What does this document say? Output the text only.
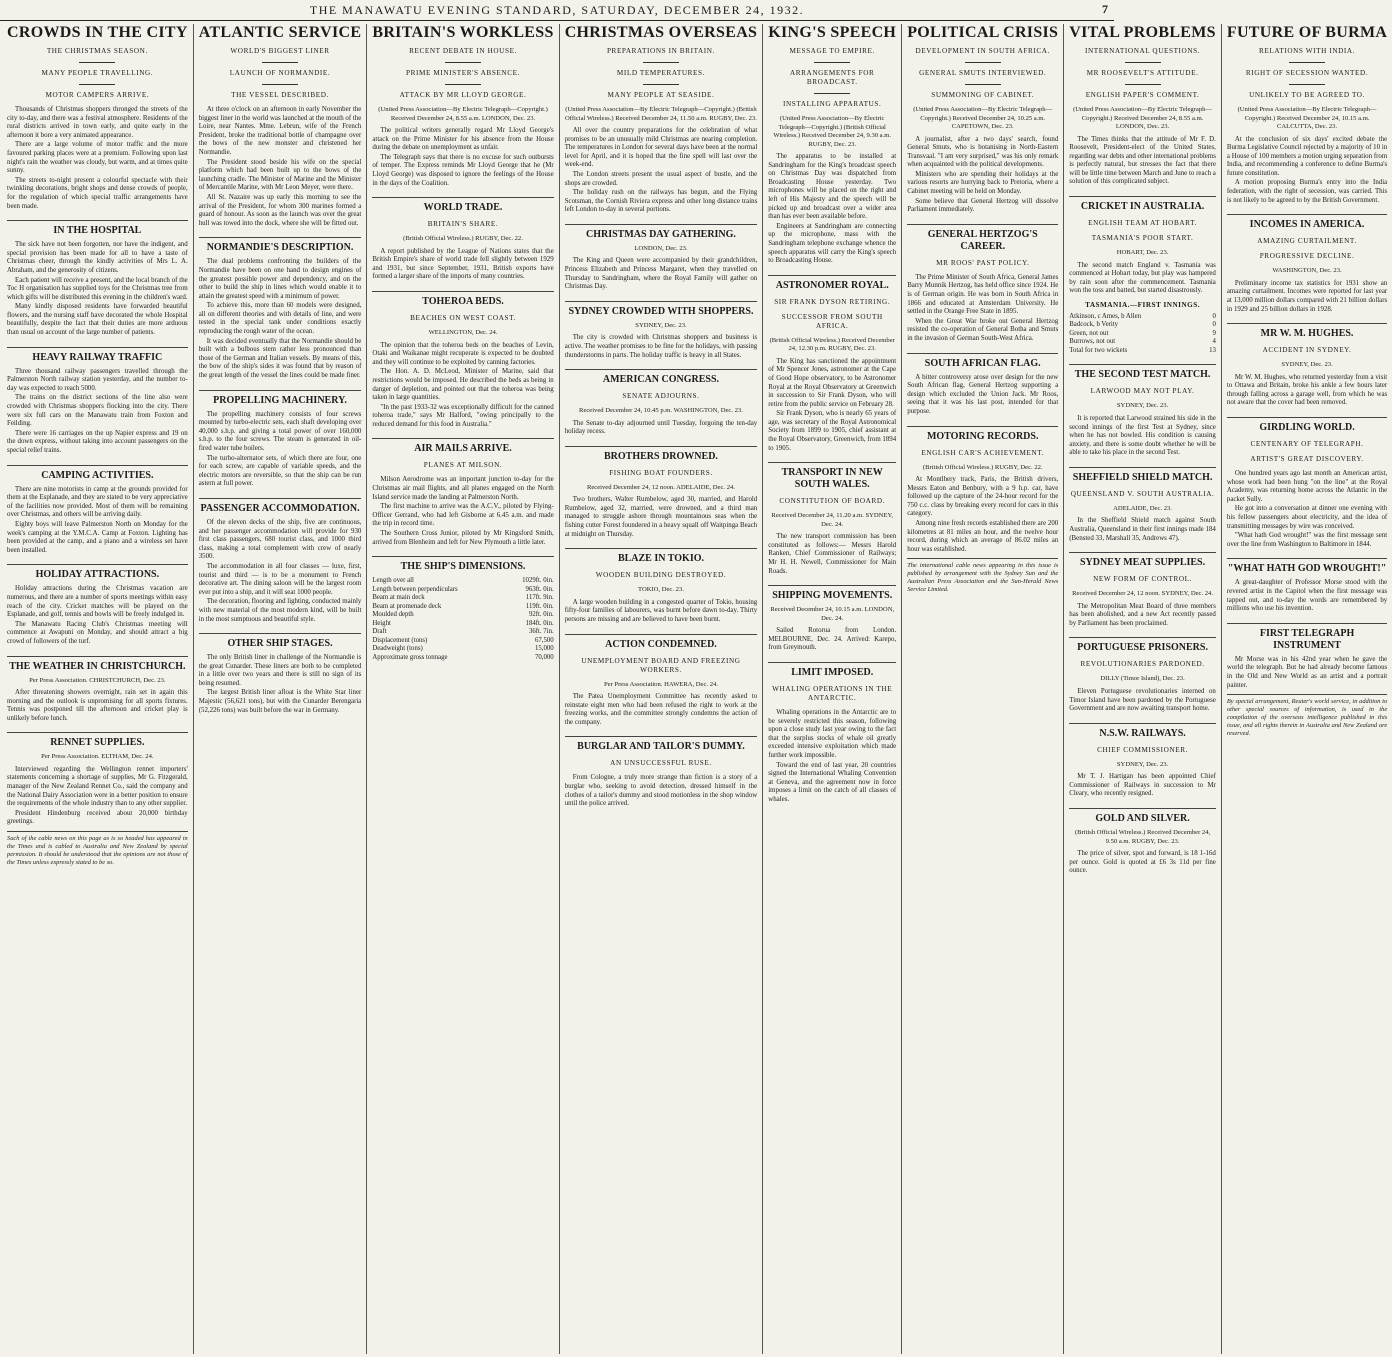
THE MANAWATU EVENING STANDARD, SATURDAY, DECEMBER 24, 1932.	7
CROWDS IN THE CITY
THE CHRISTMAS SEASON.
MANY PEOPLE TRAVELLING.
MOTOR CAMPERS ARRIVE.

Thousands of Christmas shoppers thronged the streets of the city to-day, and there was a festival atmosphere. Residents of the rural districts arrived in town early, and quite early in the afternoon it bore a very animated appearance.

There are a large volume of motor traffic and the more favoured parking places were at a premium. Following upon last night's rain the weather was cloudy, but warm, and at times quite sunny.

The streets to-night present a colourful spectacle with their twinkling decorations, bright shops and dense crowds of people, for the regulation of which special traffic arrangements have been made.

IN THE HOSPITAL

The sick have not been forgotten, nor have the indigent, and special provision has been made for all to have a taste of Christmas cheer, through the kindly activities of Mrs L. A. Abraham, and the generosity of citizens.

Each patient will receive a present, and the local branch of the Toc H organisation has supplied toys for the Christmas tree from which gifts will be distributed this evening in the children's ward.

Many kindly disposed residents have forwarded beautiful flowers, and the nursing staff have decorated the whole Hospital beautifully, despite the fact that their duties are more arduous than usual on account of the large number of patients.

HEAVY RAILWAY TRAFFIC

Three thousand railway passengers travelled through the Palmerston North railway station yesterday, and the number to-day was expected to reach 5000.

The trains on the district sections of the line also were crowded with Christmas shoppers flocking into the city. There were six full cars on the Manawatu train from Foxton and Feilding.

There were 16 carriages on the up Napier express and 19 on the down express, without taking into account passengers on the special relief trains.

CAMPING ACTIVITIES.

There are nine motorists in camp at the grounds provided for them at the Esplanade, and they are stated to be very appreciative of the facilities now provided. Most of them will be remaining over Christmas, and others will be arriving daily.

Eighty boys will leave Palmerston North on Monday for the week's camping at the Y.M.C.A. Camp at Foxton. Lighting has been provided at the camp, and a piano and a wireless set have been installed.

HOLIDAY ATTRACTIONS.

Holiday attractions during the Christmas vacation are numerous, and there are a number of sports meetings within easy reach of the city. Cricket matches will be played on the Esplanade, and golf, tennis and bowls will be freely indulged in.

The Manawatu Racing Club's Christmas meeting will commence at Awapuni on Monday, and should attract a big crowd of followers of the turf.

THE WEATHER IN CHRISTCHURCH.
Per Press Association. CHRISTCHURCH, Dec. 23.

After threatening showers overnight, rain set in again this morning and the outlook is unpromising for all sports fixtures. Tennis was postponed till the afternoon and cricket play is unlikely before lunch.

RENNET SUPPLIES.
Per Press Association. ELTHAM, Dec. 24.

Interviewed regarding the Wellington rennet importers' statements concerning a shortage of supplies, Mr G. Fitzgerald, manager of the New Zealand Rennet Co., said the company and the National Dairy Association were in a better position to ensure the requirements of the whole industry than to any other supplier.

President Hindenburg received about 20,000 birthday greetings.

Such of the cable news on this page as is so headed has appeared in the Times and is cabled to Australia and New Zealand by special permission. It should be understood that the opinions are not those of the Times unless expressly stated to be so.
ATLANTIC SERVICE
WORLD'S BIGGEST LINER
LAUNCH OF NORMANDIE.
THE VESSEL DESCRIBED.

At three o'clock on an afternoon in early November the biggest liner in the world was launched at the mouth of the Loire, near Nantes. Mme. Lebrun, wife of the French President, broke the traditional bottle of champagne over the bows of the new monster and christened her Normandie.

The President stood beside his wife on the special platform which had been built up to the bows of the launching cradle. The Minister of Marine and the Minister of Mercantile Marine, with Mr Leon Meyer, were there.

All St. Nazaire was up early this morning to see the arrival of the President, for whom 300 marines formed a guard of honour. As soon as the launch was over the great hull was towed into the dock, where she will be fitted out.

NORMANDIE'S DESCRIPTION.

The dual problems confronting the builders of the Normandie have been on one hand to design engines of the greatest possible power and dependency, and on the other to build the ship in lines which would enable it to attain the greatest speed with a minimum of power.

To achieve this, more than 60 models were designed, all on different theories and with details of line, and were tested in the special tank under conditions exactly reproducing the rough water of the ocean.

It was decided eventually that the Normandie should be built with a bulbous stem rather less pronounced than those of the German and Italian vessels. By means of this, the bow of the ship's sides it was found that by reason of the great length of the vessel the lines could be made finer.

PROPELLING MACHINERY.

The propelling machinery consists of four screws mounted by turbo-electric sets, each shaft developing over 40,000 s.h.p. and giving a total power of over 160,000 s.h.p. to the four screws. The steam is generated in oil-fired water tube boilers.

The turbo-alternator sets, of which there are four, one for each screw, are capable of variable speeds, and the electric motors are reversible, so that the ship can be run astern at full power.

PASSENGER ACCOMMODATION.

Of the eleven decks of the ship, five are continuous, and her passenger accommodation will provide for 930 first class passengers, 680 tourist class, and 1000 third class, making a total complement with crew of nearly 3500.

The accommodation in all four classes — luxe, first, tourist and third — is to be a monument to French decorative art. The dining saloon will be the largest room ever put into a ship, and it will seat 1000 people.

The decoration, flooring and lighting, conducted mainly with new material of the most modern kind, will be built in the most sumptuous and beautiful style.

OTHER SHIP STAGES.

The only British liner in challenge of the Normandie is the great Cunarder. These liners are both to be completed in a little over two years and there is still no sign of its being resumed.

The largest British liner afloat is the White Star liner Majestic (56,621 tons), but with the Cunarder Berengaria (52,226 tons) was built before the war in Germany.

BRITAIN'S WORKLESS
RECENT DEBATE IN HOUSE.
PRIME MINISTER'S ABSENCE.
ATTACK BY MR LLOYD GEORGE.
(United Press Association—By Electric Telegraph—Copyright.) Received December 24, 8.55 a.m. LONDON, Dec. 23.

The political writers generally regard Mr Lloyd George's attack on the Prime Minister for his absence from the House during the debate on unemployment as unfair.

The Telegraph says that there is no excuse for such outbursts of temper. The Express reminds Mr Lloyd George that he (Mr Lloyd George) was disposed to ignore the feelings of the House in the days of the Coalition.

WORLD TRADE.
BRITAIN'S SHARE.
(British Official Wireless.) RUGBY, Dec. 22.

A report published by the League of Nations states that the British Empire's share of world trade fell slightly between 1929 and 1931, but since September, 1931, British exports have formed a larger share of the imports of many countries.

TOHEROA BEDS.
BEACHES ON WEST COAST.
WELLINGTON, Dec. 24.

The opinion that the toheroa beds on the beaches of Levin, Otaki and Waikanae might recuperate is expected to be doubted and they will continue to be exploited by canning factories.

The Hon. A. D. McLeod, Minister of Marine, said that restrictions would be imposed. He described the beds as being in danger of depletion, and pointed out that the toheroa was being taken in large quantities.

"In the past 1933-32 was exceptionally difficult for the canned toheroa trade," says Mr Halford, "owing principally to the reduced demand for this food in Australia."

AIR MAILS ARRIVE.
PLANES AT MILSON.

Milson Aerodrome was an important junction to-day for the Christmas air mail flights, and all planes engaged on the North Island service made the landing at Palmerston North.

The first machine to arrive was the A.C.V., piloted by Flying-Officer Gerrand, who had left Gisborne at 6.45 a.m. and made the trip in record time.

The Southern Cross Junior, piloted by Mr Kingsford Smith, arrived from Blenheim and left for New Plymouth a little later.

THE SHIP'S DIMENSIONS.
Length over all	1029ft. 0in.
Length between perpendiculars	963ft. 0in.
Beam at main deck	117ft. 9in.
Beam at promenade deck	119ft. 0in.
Moulded depth	92ft. 0in.
Height	184ft. 0in.
Draft	36ft. 7in.
Displacement (tons)	67,500
Deadweight (tons)	15,000
Approximate gross tonnage	70,000
CHRISTMAS OVERSEAS
PREPARATIONS IN BRITAIN.
MILD TEMPERATURES.
MANY PEOPLE AT SEASIDE.
(United Press Association—By Electric Telegraph—Copyright.) (British Official Wireless.) Received December 24, 11.50 a.m. RUGBY, Dec. 23.

All over the country preparations for the celebration of what promises to be an unusually mild Christmas are nearing completion. The temperatures in London for several days have been at the normal level for April, and it is hoped that the fine spell will last over the week-end.

The London streets present the usual aspect of bustle, and the shops are crowded.

The holiday rush on the railways has begun, and the Flying Scotsman, the Cornish Riviera express and other long distance trains left London to-day in several portions.

CHRISTMAS DAY GATHERING.
LONDON, Dec. 23.

The King and Queen were accompanied by their grandchildren, Princess Elizabeth and Princess Margaret, when they travelled on Thursday to Sandringham, where the Royal Family will gather on Christmas Day.

SYDNEY CROWDED WITH SHOPPERS.
SYDNEY, Dec. 23.

The city is crowded with Christmas shoppers and business is active. The weather promises to be fine for the holidays, with passing thunderstorms in parts. The holiday traffic is heavy in all States.

AMERICAN CONGRESS.
SENATE ADJOURNS.
Received December 24, 10.45 p.m. WASHINGTON, Dec. 23.

The Senate to-day adjourned until Tuesday, forgoing the ten-day holiday recess.

BROTHERS DROWNED.
FISHING BOAT FOUNDERS.
Received December 24, 12 noon. ADELAIDE, Dec. 24.

Two brothers, Walter Rumbelow, aged 30, married, and Harold Rumbelow, aged 32, married, were drowned, and a third man managed to struggle ashore through mountainous seas when the fishing cutter Forest foundered in a heavy squall off Waitpinga Beach at midnight on Thursday.

BLAZE IN TOKIO.
WOODEN BUILDING DESTROYED.
TOKIO, Dec. 23.

A large wooden building in a congested quarter of Tokio, housing fifty-four families of labourers, was burnt before dawn to-day. Thirty persons are missing and are believed to have been burnt.

ACTION CONDEMNED.
UNEMPLOYMENT BOARD AND FREEZING WORKERS.
Per Press Association. HAWERA, Dec. 24.

The Patea Unemployment Committee has recently asked to reinstate eight men who had been refused the right to work at the freezing works, and the committee strongly condemns the action of the company.

BURGLAR AND TAILOR'S DUMMY.
AN UNSUCCESSFUL RUSE.

From Cologne, a truly more strange than fiction is a story of a burglar who, seeking to avoid detection, dressed himself in the clothes of a tailor's dummy and stood motionless in the shop window until the police arrived.

KING'S SPEECH
MESSAGE TO EMPIRE.
ARRANGEMENTS FOR BROADCAST.
INSTALLING APPARATUS.
(United Press Association—By Electric Telegraph—Copyright.) (British Official Wireless.) Received December 24, 9.30 a.m. RUGBY, Dec. 23.

The apparatus to be installed at Sandringham for the King's broadcast speech on Christmas Day was dispatched from Broadcasting House yesterday. Two microphones will be placed on the right and left of His Majesty and the speech will be picked up and broadcast over a wider area than has ever been available before.

Engineers at Sandringham are connecting up the microphone, mass with the Sandringham telephone exchange whence the speech apparatus will carry the King's speech to Broadcasting House.

ASTRONOMER ROYAL.
SIR FRANK DYSON RETIRING.
SUCCESSOR FROM SOUTH AFRICA.
(British Official Wireless.) Received December 24, 12.30 p.m. RUGBY, Dec. 23.

The King has sanctioned the appointment of Mr Spencer Jones, astronomer at the Cape of Good Hope observatory, to be Astronomer Royal at the Royal Observatory at Greenwich in succession to Sir Frank Dyson, who will retire from the public service on February 28.

Sir Frank Dyson, who is nearly 65 years of age, was secretary of the Royal Astronomical Society from 1899 to 1905, chief assistant at the Royal Observatory, Greenwich, from 1894 to 1905.

TRANSPORT IN NEW SOUTH WALES.
CONSTITUTION OF BOARD.
Received December 24, 11.20 a.m. SYDNEY, Dec. 24.

The new transport commission has been constituted as follows:— Messrs Harold Ranken, Chief Commissioner of Railways; Mr H. H. Newell, Commissioner for Main Roads.

SHIPPING MOVEMENTS.
Received December 24, 10.15 a.m. LONDON, Dec. 24.

Sailed Rotorua from London. MELBOURNE, Dec. 24. Arrived: Karepo, from Greymouth.

LIMIT IMPOSED.
WHALING OPERATIONS IN THE ANTARCTIC.

Whaling operations in the Antarctic are to be severely restricted this season, following upon a close study last year owing to the fact that the surplus stocks of whale oil greatly exceeded intensive exploitation which made further work impossible.

Toward the end of last year, 20 countries signed the International Whaling Convention at Geneva, and the agreement now in force imposes a limit on the catch of all classes of whales.

POLITICAL CRISIS
DEVELOPMENT IN SOUTH AFRICA.
GENERAL SMUTS INTERVIEWED.
SUMMONING OF CABINET.
(United Press Association—By Electric Telegraph—Copyright.) Received December 24, 10.25 a.m. CAPETOWN, Dec. 23.

A journalist, after a two days' search, found General Smuts, who is botanising in North-Eastern Transvaal. "I am very surprised," was his only remark when acquainted with the political developments.

Ministers who are spending their holidays at the various resorts are hurrying back to Pretoria, where a Cabinet meeting will be held on Monday.

Some believe that General Hertzog will dissolve Parliament immediately.

GENERAL HERTZOG'S CAREER.
MR ROOS' PAST POLICY.

The Prime Minister of South Africa, General James Barry Munnik Hertzog, has held office since 1924. He is of German origin. He was born in South Africa in 1866 and educated at Amsterdam University. He settled in the Orange Free State in 1895.

When the Great War broke out General Hertzog resisted the co-operation of General Botha and Smuts in the invasion of German South-West Africa.

SOUTH AFRICAN FLAG.

A bitter controversy arose over design for the new South African flag, General Hertzog supporting a design which excluded the Union Jack. Mr Roos, seeing that it was his last post, intended for that purpose.

MOTORING RECORDS.
ENGLISH CAR'S ACHIEVEMENT.
(British Official Wireless.) RUGBY, Dec. 22.

At Montlhery track, Paris, the British drivers, Messrs Eaton and Benbury, with a 9 h.p. car, have followed up the capture of the 24-hour record for the 750 c.c. class by breaking every record for cars in this category.

Among nine fresh records established there are 200 kilometres at 81 miles an hour, and the twelve hour record, during which an average of 86.02 miles an hour was established.

The international cable news appearing in this issue is published by arrangement with the Sydney Sun and the Australian Press Association and the Sun-Herald News Service Limited.
VITAL PROBLEMS
INTERNATIONAL QUESTIONS.
MR ROOSEVELT'S ATTITUDE.
ENGLISH PAPER'S COMMENT.
(United Press Association—By Electric Telegraph—Copyright.) Received December 24, 8.55 a.m. LONDON, Dec. 23.

The Times thinks that the attitude of Mr F. D. Roosevelt, President-elect of the United States, regarding war debts and other international problems is perfectly natural, but stresses the fact that there will be little time between March and June to reach a solution of this complicated subject.

CRICKET IN AUSTRALIA.
ENGLISH TEAM AT HOBART.
TASMANIA'S POOR START.
HOBART, Dec. 23.

The second match England v. Tasmania was commenced at Hobart today, but play was hampered by rain soon after the commencement. Tasmania won the toss and batted, but started disastrously.

TASMANIA.—FIRST INNINGS.
Atkinson, c Ames, b Allen	0
Badcock, b Verity	0
Green, not out	9
Burrows, not out	4
Total for two wickets	13
THE SECOND TEST MATCH.
LARWOOD MAY NOT PLAY.
SYDNEY, Dec. 23.

It is reported that Larwood strained his side in the second innings of the first Test at Sydney, since when he has not bowled. His condition is causing anxiety, and there is some doubt whether he will be able to take his place in the second Test.

SHEFFIELD SHIELD MATCH.
QUEENSLAND V. SOUTH AUSTRALIA.
ADELAIDE, Dec. 23.

In the Sheffield Shield match against South Australia, Queensland in their first innings made 184 (Bensted 33, Marshall 35, Andrews 47).

SYDNEY MEAT SUPPLIES.
NEW FORM OF CONTROL.
Received December 24, 12 noon. SYDNEY, Dec. 24.

The Metropolitan Meat Board of three members has been abolished, and a new Act recently passed by Parliament has been proclaimed.

PORTUGUESE PRISONERS.
REVOLUTIONARIES PARDONED.
DILLY (Timor Island), Dec. 23.

Eleven Portuguese revolutionaries interned on Timor Island have been pardoned by the Portuguese Government and are now awaiting transport home.

N.S.W. RAILWAYS.
CHIEF COMMISSIONER.
SYDNEY, Dec. 23.

Mr T. J. Hartigan has been appointed Chief Commissioner of Railways in succession to Mr Cleary, who recently resigned.

GOLD AND SILVER.
(British Official Wireless.) Received December 24, 9.50 a.m. RUGBY, Dec. 23.

The price of silver, spot and forward, is 18 1-16d per ounce. Gold is quoted at £6 3s 11d per fine ounce.

FUTURE OF BURMA
RELATIONS WITH INDIA.
RIGHT OF SECESSION WANTED.
UNLIKELY TO BE AGREED TO.
(United Press Association—By Electric Telegraph—Copyright.) Received December 24, 10.15 a.m. CALCUTTA, Dec. 23.

At the conclusion of six days' excited debate the Burma Legislative Council rejected by a majority of 10 in a House of 100 members a motion urging separation from India, and recommending a conference to define Burma's future constitution.

A motion proposing Burma's entry into the India federation, with the right of secession, was carried. This is not likely to be agreed to by the British Government.

INCOMES IN AMERICA.
AMAZING CURTAILMENT.
PROGRESSIVE DECLINE.
WASHINGTON, Dec. 23.

Preliminary income tax statistics for 1931 show an amazing curtailment. Incomes were reported for last year at 13,000 million dollars compared with 21 billion dollars in 1929 and 25 billion dollars in 1928.

MR W. M. HUGHES.
ACCIDENT IN SYDNEY.
SYDNEY, Dec. 23.

Mr W. M. Hughes, who returned yesterday from a visit to Ottawa and Britain, broke his ankle a few hours later through falling across a garage well, from which he was not aware that the cover had been removed.

GIRDLING WORLD.
CENTENARY OF TELEGRAPH.
ARTIST'S GREAT DISCOVERY.

One hundred years ago last month an American artist, whose work had been hung "on the line" at the Royal Academy, was returning home across the Atlantic in the packet Sully.

He got into a conversation at dinner one evening with his fellow passengers about electricity, and the idea of transmitting messages by wire was conceived.

"What hath God wrought!" was the first message sent over the line from Washington to Baltimore in 1844.

"WHAT HATH GOD WROUGHT!"

A great-daughter of Professor Morse stood with the revered artist in the Capitol when the first message was tapped out, and to-day the words are remembered by millions who use his invention.

FIRST TELEGRAPH INSTRUMENT

Mr Morse was in his 42nd year when he gave the world the telegraph. But he had already become famous in the Old and New World as an artist and a portrait painter.

By special arrangement, Reuter's world service, in addition to other special sources of information, is used in the compilation of the overseas intelligence published in this issue, and all rights therein in Australia and New Zealand are reserved.
